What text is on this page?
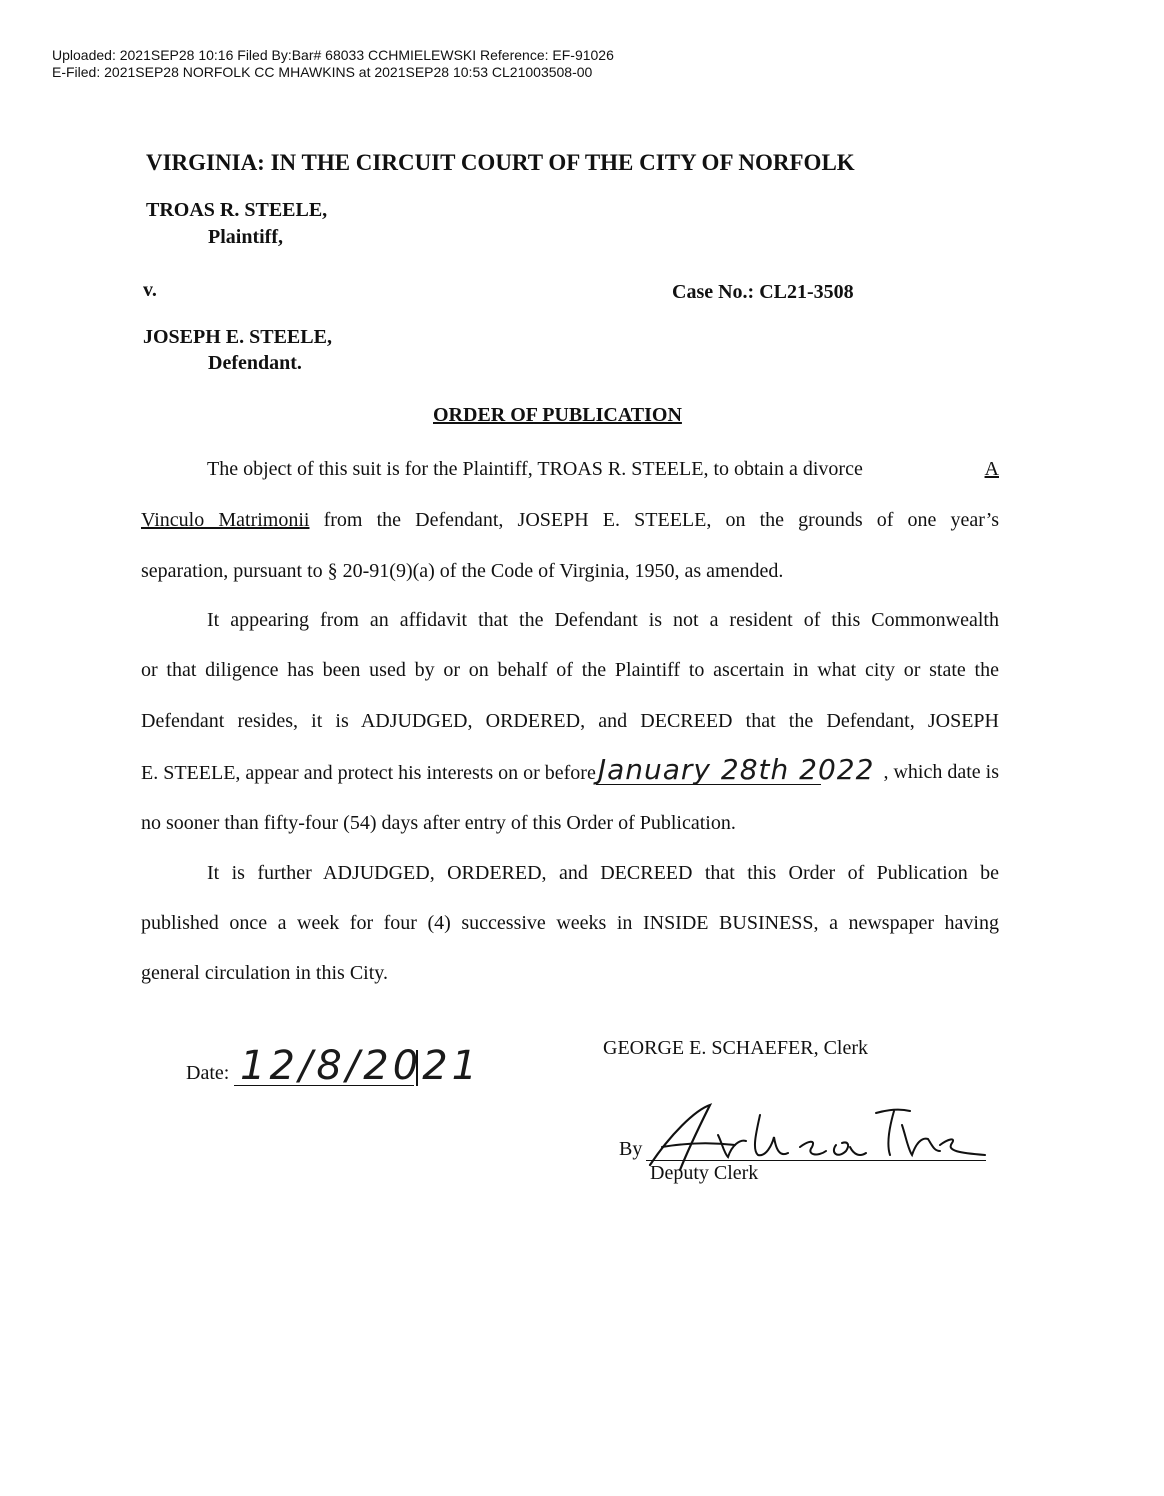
Uploaded: 2021SEP28 10:16 Filed By:Bar# 68033 CCHMIELEWSKI Reference: EF-91026
E-Filed: 2021SEP28 NORFOLK CC MHAWKINS at 2021SEP28 10:53 CL21003508-00
VIRGINIA: IN THE CIRCUIT COURT OF THE CITY OF NORFOLK
TROAS R. STEELE,
Plaintiff,
v.	Case No.: CL21-3508
JOSEPH E. STEELE,
Defendant.
ORDER OF PUBLICATION
The object of this suit is for the Plaintiff, TROAS R. STEELE, to obtain a divorce	A
Vinculo Matrimonii from the Defendant, JOSEPH E. STEELE, on the grounds of one year’s
separation, pursuant to § 20-91(9)(a) of the Code of Virginia, 1950, as amended.
It appearing from an affidavit that the Defendant is not a resident of this Commonwealth
or that diligence has been used by or on behalf of the Plaintiff to ascertain in what city or state the
Defendant resides, it is ADJUDGED, ORDERED, and DECREED that the Defendant, JOSEPH
E. STEELE, appear and protect his interests on or before January 28th 2022 , which date is
no sooner than fifty-four (54) days after entry of this Order of Publication.
It is further ADJUDGED, ORDERED, and DECREED that this Order of Publication be
published once a week for four (4) successive weeks in INSIDE BUSINESS, a newspaper having
general circulation in this City.
Date: 12/8/2021	GEORGE E. SCHAEFER, Clerk
By
Deputy Clerk
